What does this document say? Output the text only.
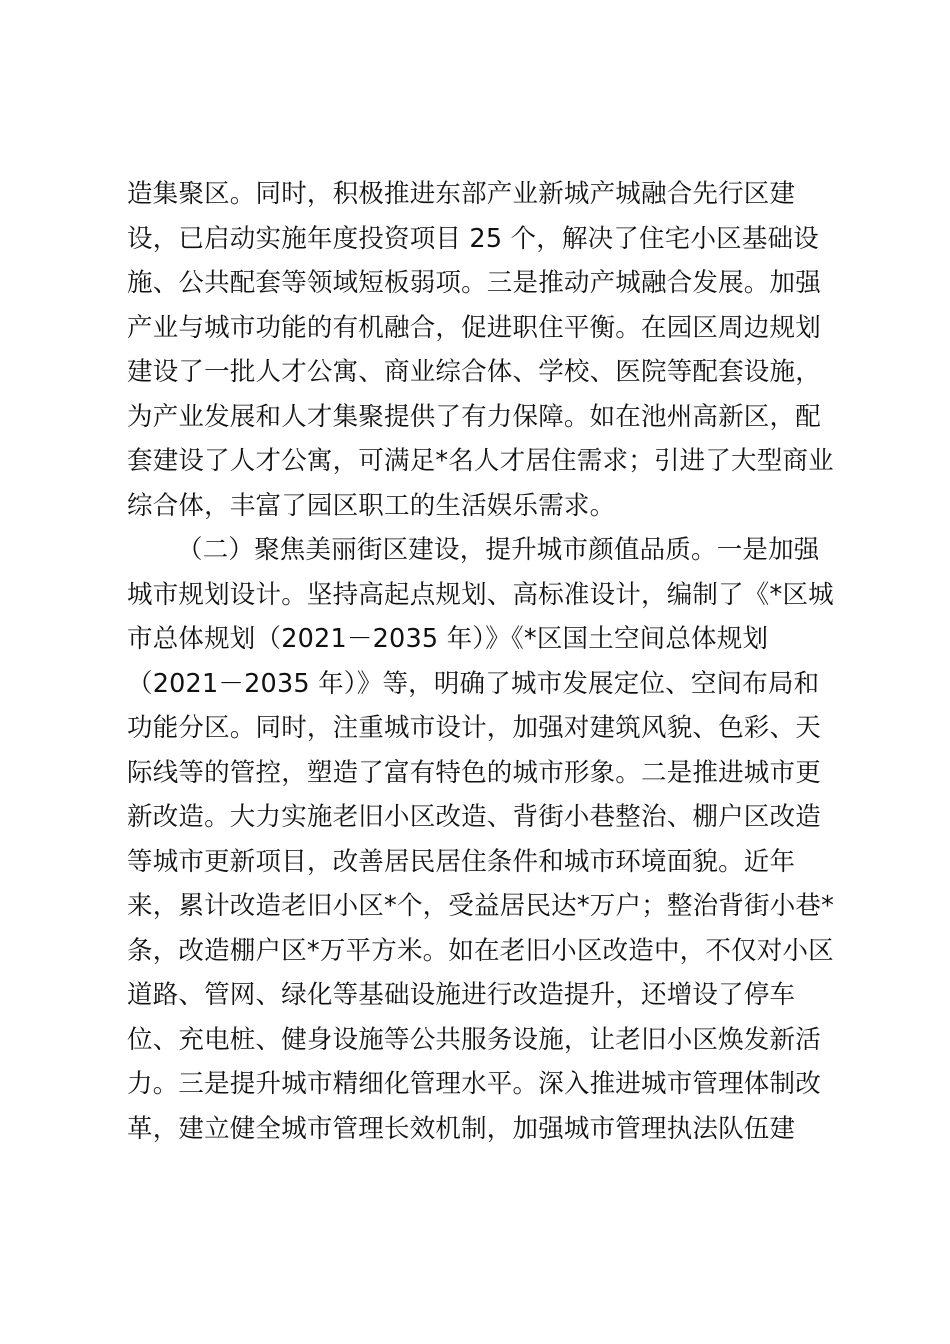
造集聚区。同时，积极推进东部产业新城产城融合先行区建
设，已启动实施年度投资项目 25 个，解决了住宅小区基础设
施、公共配套等领域短板弱项。三是推动产城融合发展。加强
产业与城市功能的有机融合，促进职住平衡。在园区周边规划
建设了一批人才公寓、商业综合体、学校、医院等配套设施，
为产业发展和人才集聚提供了有力保障。如在池州高新区，配
套建设了人才公寓，可满足*名人才居住需求；引进了大型商业
综合体，丰富了园区职工的生活娱乐需求。
（二）聚焦美丽街区建设，提升城市颜值品质。一是加强
城市规划设计。坚持高起点规划、高标准设计，编制了《*区城
市总体规划（2021－2035 年）》《*区国土空间总体规划
（2021－2035 年）》等，明确了城市发展定位、空间布局和
功能分区。同时，注重城市设计，加强对建筑风貌、色彩、天
际线等的管控，塑造了富有特色的城市形象。二是推进城市更
新改造。大力实施老旧小区改造、背街小巷整治、棚户区改造
等城市更新项目，改善居民居住条件和城市环境面貌。近年
来，累计改造老旧小区*个，受益居民达*万户；整治背街小巷*
条，改造棚户区*万平方米。如在老旧小区改造中，不仅对小区
道路、管网、绿化等基础设施进行改造提升，还增设了停车
位、充电桩、健身设施等公共服务设施，让老旧小区焕发新活
力。三是提升城市精细化管理水平。深入推进城市管理体制改
革，建立健全城市管理长效机制，加强城市管理执法队伍建
